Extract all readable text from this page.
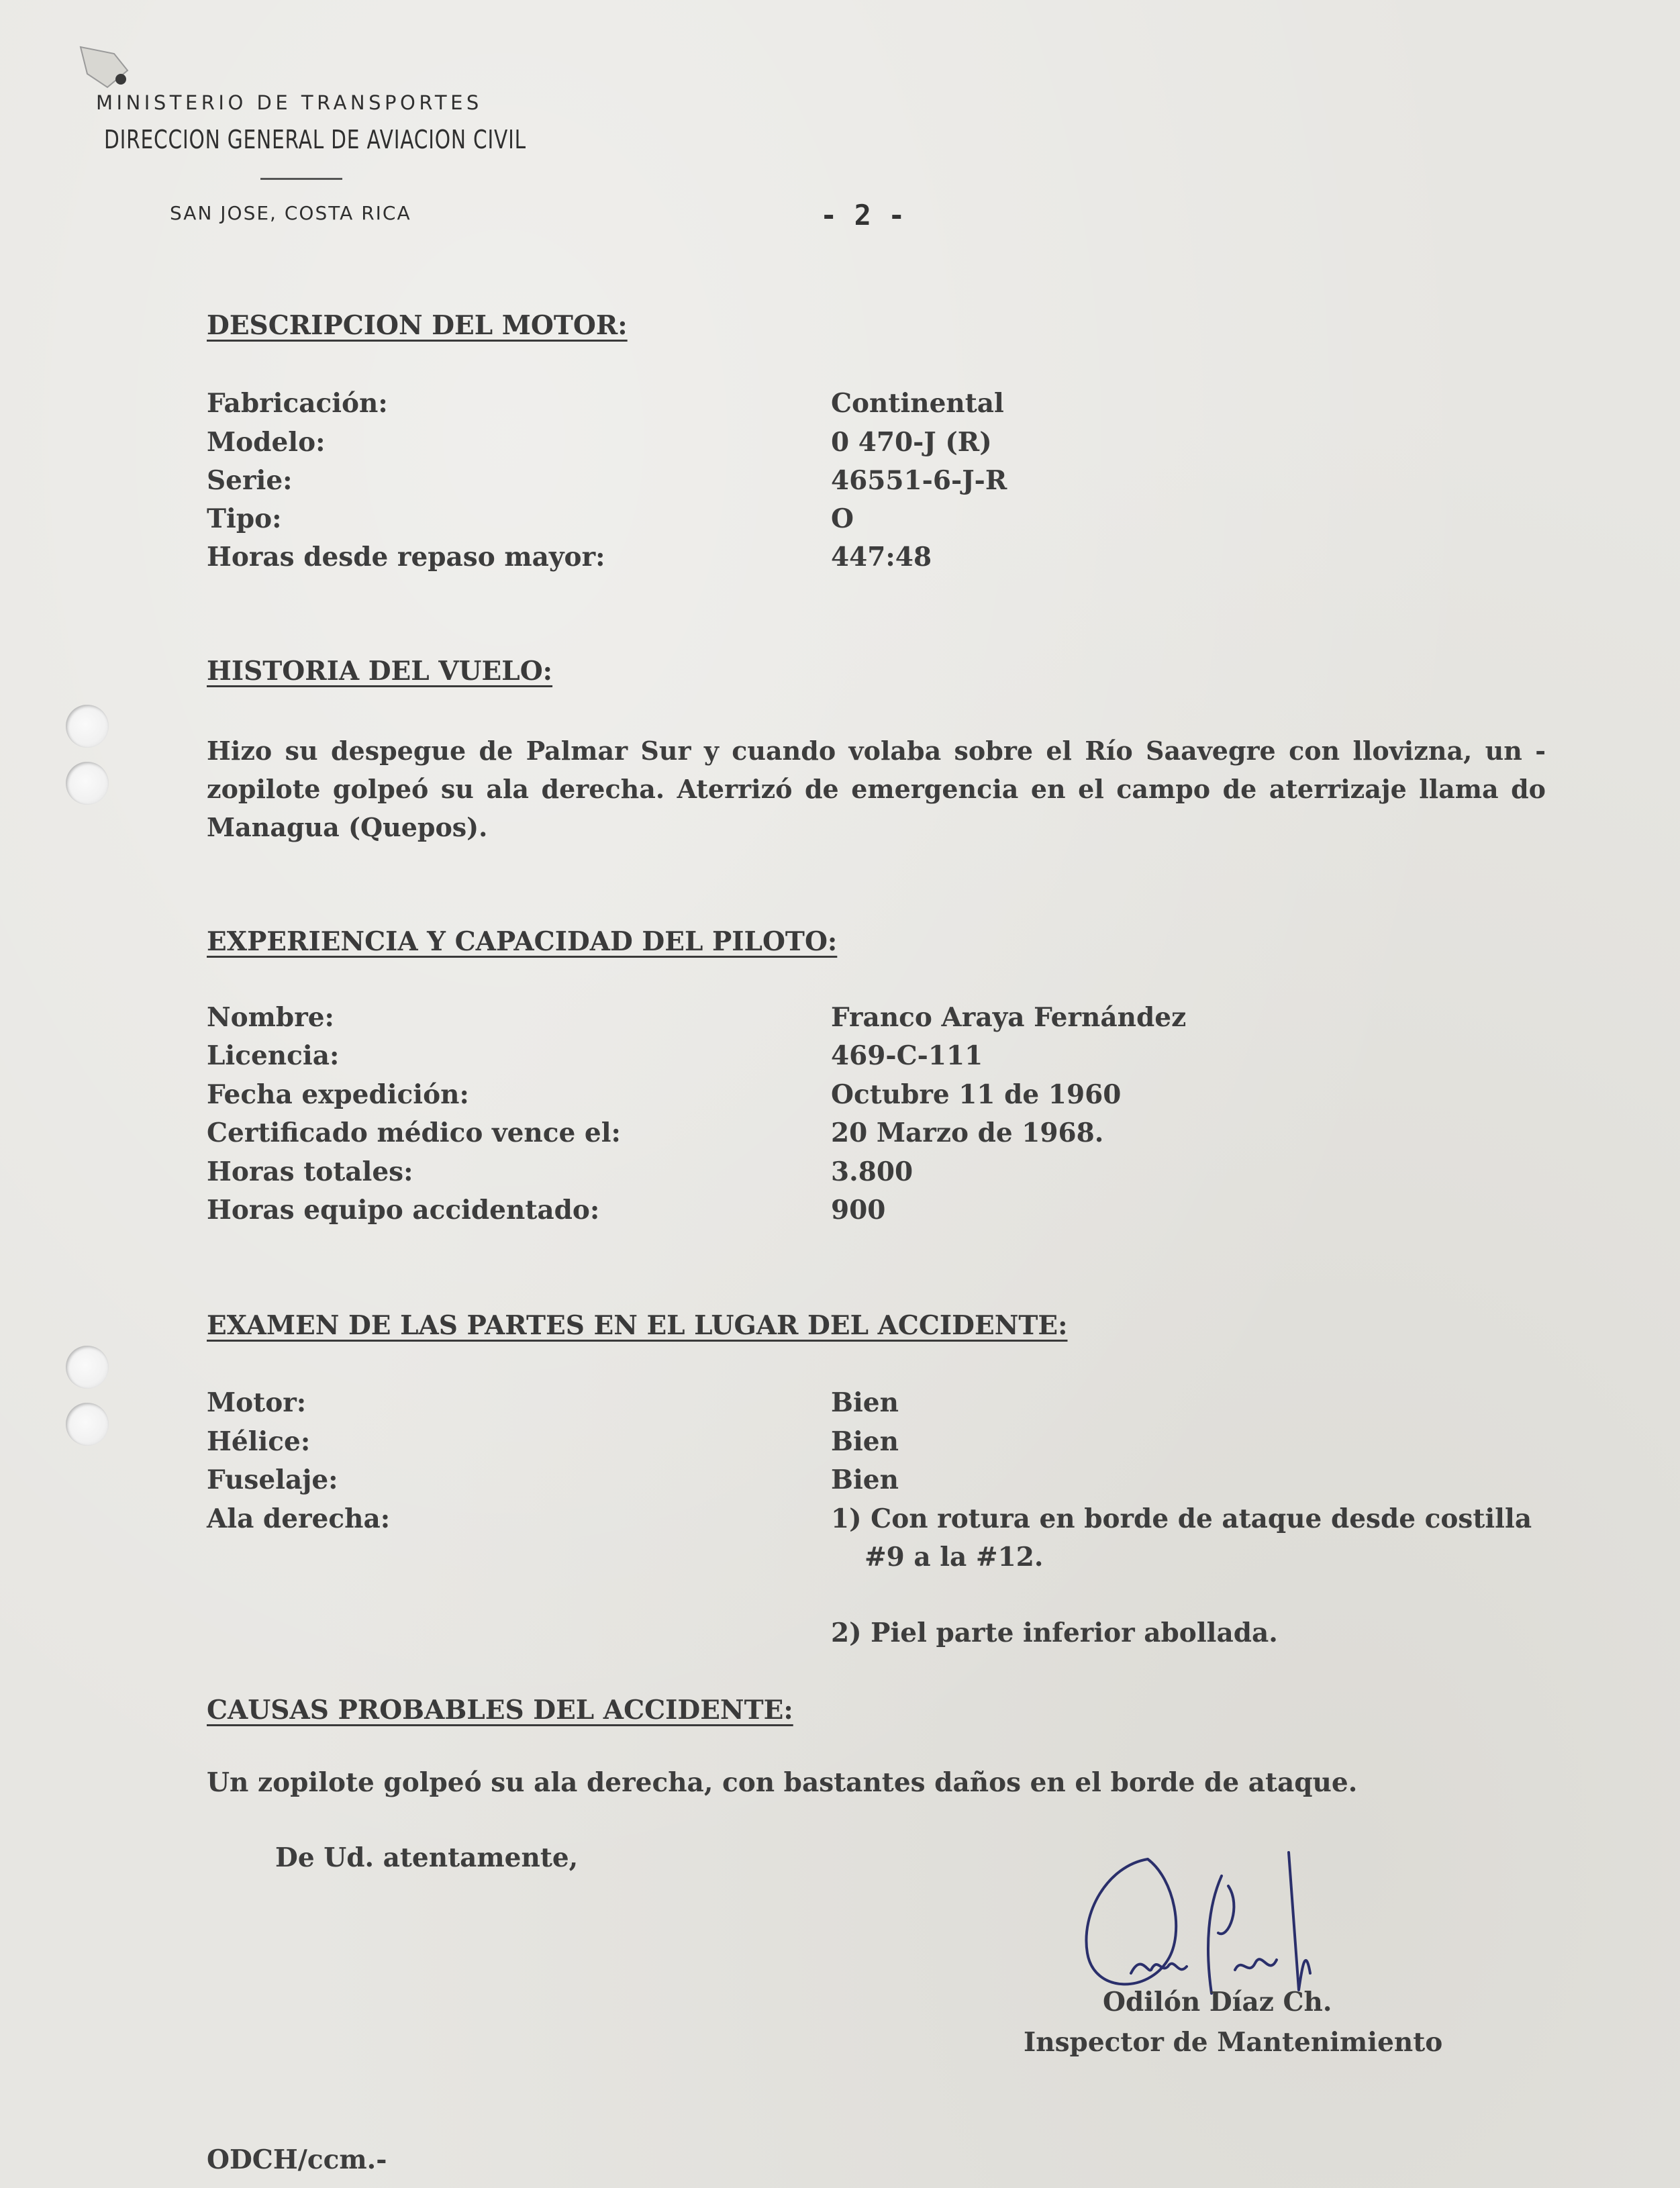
MINISTERIO DE TRANSPORTES
DIRECCION GENERAL DE AVIACION CIVIL
SAN JOSE, COSTA RICA	- 2 -
DESCRIPCION DEL MOTOR:
Fabricación:	Continental
Modelo:	0 470-J (R)
Serie:	46551-6-J-R
Tipo:	O
Horas desde repaso mayor:	447:48
HISTORIA DEL VUELO:
Hizo su despegue de Palmar Sur y cuando volaba sobre el Río Saavegre con llovizna, un - zopilote golpeó su ala derecha. Aterrizó de emergencia en el campo de aterrizaje llama do Managua (Quepos).
EXPERIENCIA Y CAPACIDAD DEL PILOTO:
Nombre:	Franco Araya Fernández
Licencia:	469-C-111
Fecha expedición:	Octubre 11 de 1960
Certificado médico vence el:	20 Marzo de 1968.
Horas totales:	3.800
Horas equipo accidentado:	900
EXAMEN DE LAS PARTES EN EL LUGAR DEL ACCIDENTE:
Motor:	Bien
Hélice:	Bien
Fuselaje:	Bien
Ala derecha:	1) Con rotura en borde de ataque desde costilla
#9 a la #12.
2) Piel parte inferior abollada.
CAUSAS PROBABLES DEL ACCIDENTE:
Un zopilote golpeó su ala derecha, con bastantes daños en el borde de ataque.
De Ud. atentamente,
Odilón Díaz Ch.
Inspector de Mantenimiento
ODCH/ccm.-
